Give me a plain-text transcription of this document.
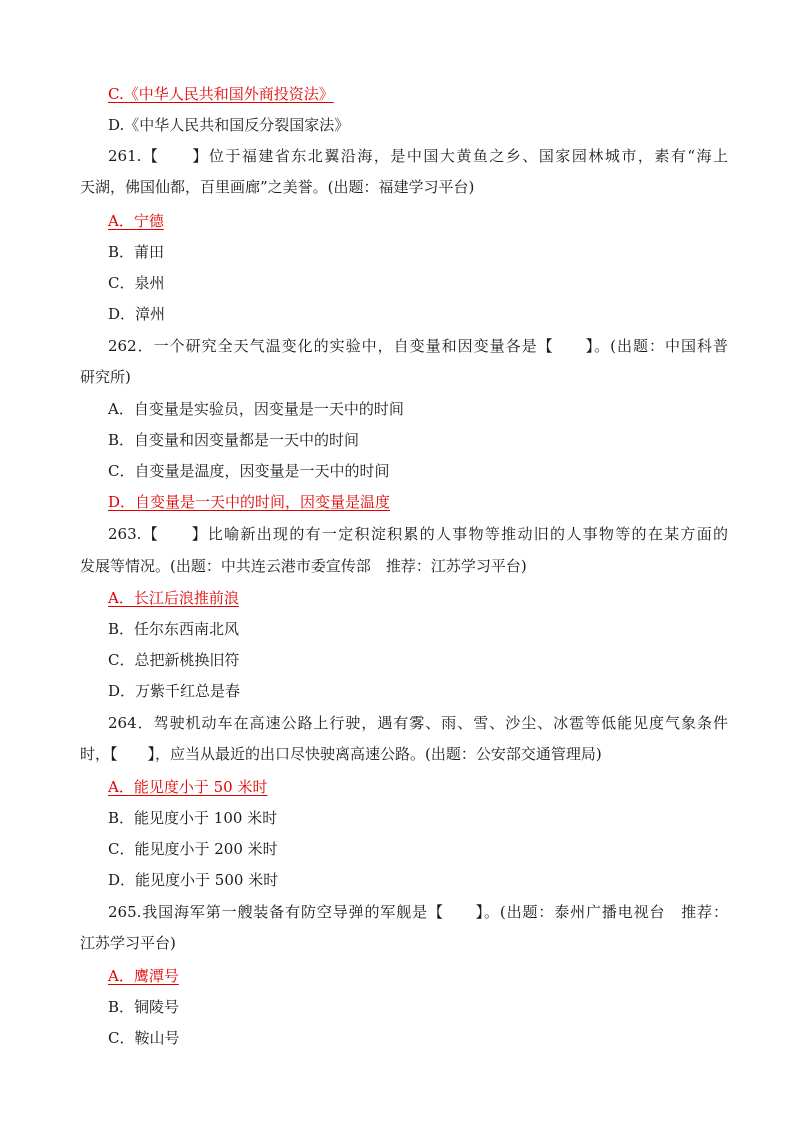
C.《中华人民共和国外商投资法》
D.《中华人民共和国反分裂国家法》
261.【　　】位于福建省东北翼沿海，是中国大黄鱼之乡、国家园林城市，素有“海上
天湖，佛国仙都，百里画廊”之美誉。(出题：福建学习平台)
A．宁德
B．莆田
C．泉州
D．漳州
262．一个研究全天气温变化的实验中，自变量和因变量各是【　　】。(出题：中国科普
研究所)
A．自变量是实验员，因变量是一天中的时间
B．自变量和因变量都是一天中的时间
C．自变量是温度，因变量是一天中的时间
D．自变量是一天中的时间，因变量是温度
263.【　　】比喻新出现的有一定积淀积累的人事物等推动旧的人事物等的在某方面的
发展等情况。(出题：中共连云港市委宣传部　推荐：江苏学习平台)
A．长江后浪推前浪
B．任尔东西南北风
C．总把新桃换旧符
D．万紫千红总是春
264．驾驶机动车在高速公路上行驶，遇有雾、雨、雪、沙尘、冰雹等低能见度气象条件
时，【　　】，应当从最近的出口尽快驶离高速公路。(出题：公安部交通管理局)
A．能见度小于 50 米时
B．能见度小于 100 米时
C．能见度小于 200 米时
D．能见度小于 500 米时
265.我国海军第一艘装备有防空导弹的军舰是【　　】。(出题：泰州广播电视台　推荐：
江苏学习平台)
A．鹰潭号
B．铜陵号
C．鞍山号
